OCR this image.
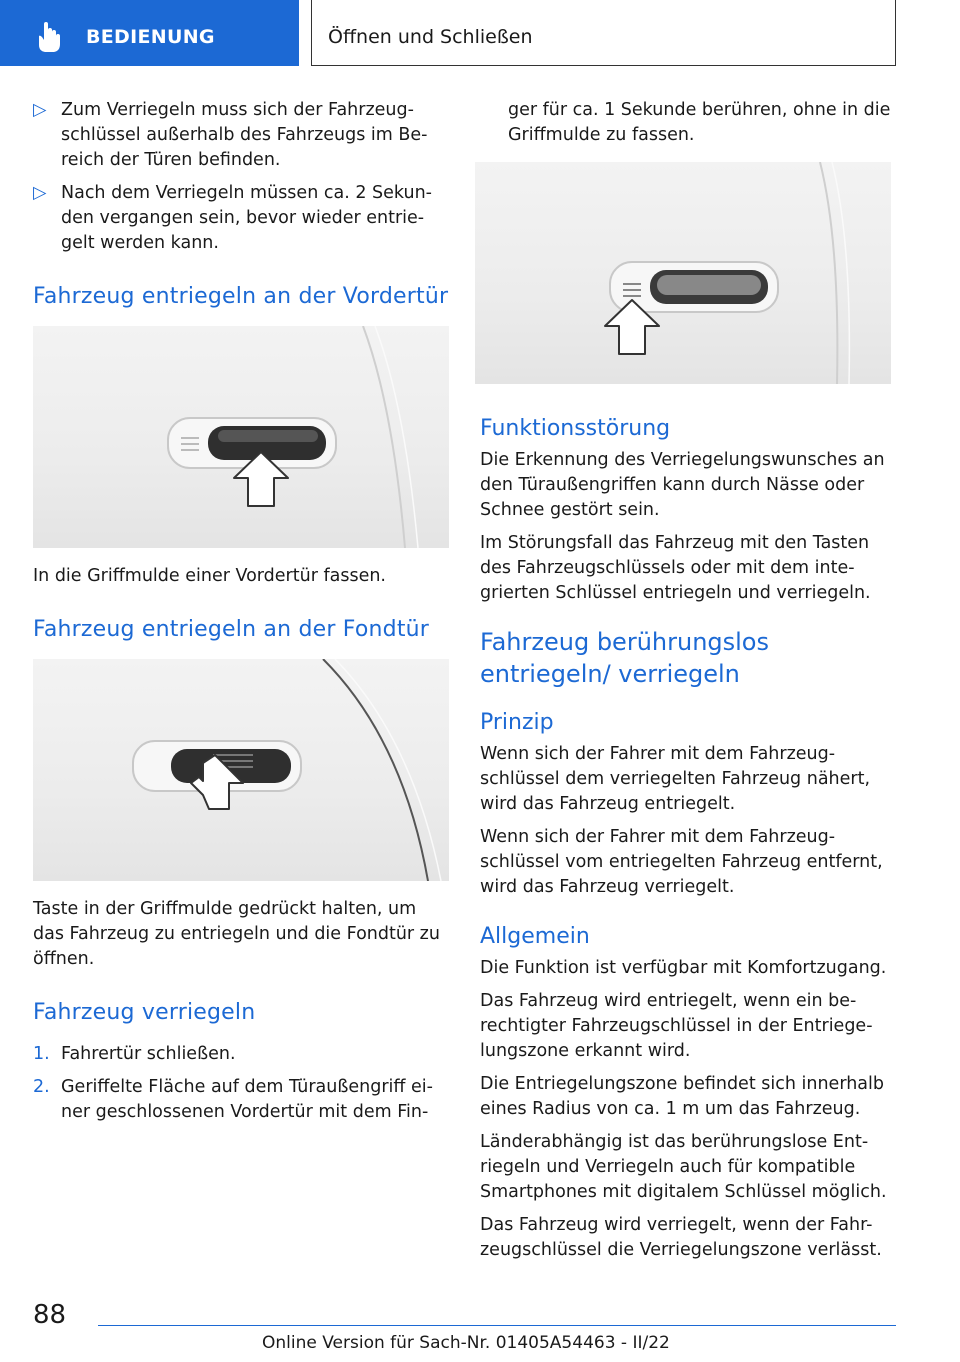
BEDIENUNG	Öffnen und Schließen
▷ Zum Verriegeln muss sich der Fahrzeug-schlüssel außerhalb des Fahrzeugs im Be-reich der Türen befinden.
▷ Nach dem Verriegeln müssen ca. 2 Sekun-den vergangen sein, bevor wieder entrie-gelt werden kann.
Fahrzeug entriegeln an der Vordertür

In die Griffmulde einer Vordertür fassen.

Fahrzeug entriegeln an der Fondtür

Taste in der Griffmulde gedrückt halten, um das Fahrzeug zu entriegeln und die Fondtür zu öffnen.

Fahrzeug verriegeln
1. Fahrertür schließen.
2. Geriffelte Fläche auf dem Türaußengriff ei-ner geschlossenen Vordertür mit dem Fin-

ger für ca. 1 Sekunde berühren, ohne in die Griffmulde zu fassen.

Funktionsstörung

Die Erkennung des Verriegelungswunsches an den Türaußengriffen kann durch Nässe oder Schnee gestört sein.

Im Störungsfall das Fahrzeug mit den Tasten des Fahrzeugschlüssels oder mit dem inte-grierten Schlüssel entriegeln und verriegeln.

Fahrzeug berührungslos entriegeln/ verriegeln
Prinzip

Wenn sich der Fahrer mit dem Fahrzeug-schlüssel dem verriegelten Fahrzeug nähert, wird das Fahrzeug entriegelt.

Wenn sich der Fahrer mit dem Fahrzeug-schlüssel vom entriegelten Fahrzeug entfernt, wird das Fahrzeug verriegelt.

Allgemein

Die Funktion ist verfügbar mit Komfortzugang.

Das Fahrzeug wird entriegelt, wenn ein be-rechtigter Fahrzeugschlüssel in der Entriege-lungszone erkannt wird.

Die Entriegelungszone befindet sich innerhalb eines Radius von ca. 1 m um das Fahrzeug.

Länderabhängig ist das berührungslose Ent-riegeln und Verriegeln auch für kompatible Smartphones mit digitalem Schlüssel möglich.

Das Fahrzeug wird verriegelt, wenn der Fahr-zeugschlüssel die Verriegelungszone verlässt.

88
Online Version für Sach-Nr. 01405A54463 - II/22
